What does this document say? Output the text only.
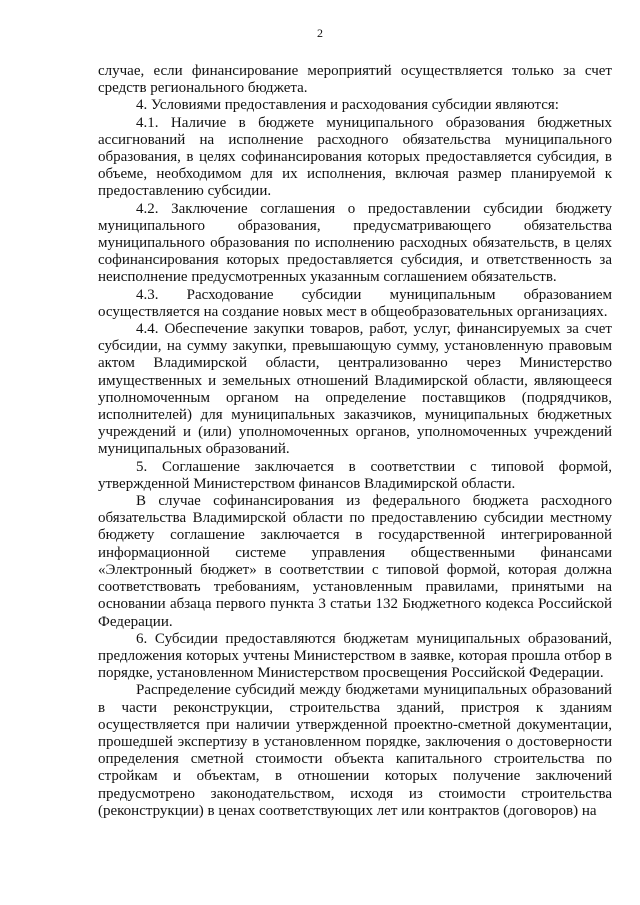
2

случае, если финансирование мероприятий осуществляется только за счет средств регионального бюджета.

4. Условиями предоставления и расходования субсидии являются:

4.1. Наличие в бюджете муниципального образования бюджетных ассигнований на исполнение расходного обязательства муниципального образования, в целях софинансирования которых предоставляется субсидия, в объеме, необходимом для их исполнения, включая размер планируемой к предоставлению субсидии.

4.2. Заключение соглашения о предоставлении субсидии бюджету муниципального образования, предусматривающего обязательства муниципального образования по исполнению расходных обязательств, в целях софинансирования которых предоставляется субсидия, и ответственность за неисполнение предусмотренных указанным соглашением обязательств.

4.3. Расходование субсидии муниципальным образованием осуществляется на создание новых мест в общеобразовательных организациях.

4.4. Обеспечение закупки товаров, работ, услуг, финансируемых за счет субсидии, на сумму закупки, превышающую сумму, установленную правовым актом Владимирской области, централизованно через Министерство имущественных и земельных отношений Владимирской области, являющееся уполномоченным органом на определение поставщиков (подрядчиков, исполнителей) для муниципальных заказчиков, муниципальных бюджетных учреждений и (или) уполномоченных органов, уполномоченных учреждений муниципальных образований.

5. Соглашение заключается в соответствии с типовой формой, утвержденной Министерством финансов Владимирской области.

В случае софинансирования из федерального бюджета расходного обязательства Владимирской области по предоставлению субсидии местному бюджету соглашение заключается в государственной интегрированной информационной системе управления общественными финансами «Электронный бюджет» в соответствии с типовой формой, которая должна соответствовать требованиям, установленным правилами, принятыми на основании абзаца первого пункта 3 статьи 132 Бюджетного кодекса Российской Федерации.

6. Субсидии предоставляются бюджетам муниципальных образований, предложения которых учтены Министерством в заявке, которая прошла отбор в порядке, установленном Министерством просвещения Российской Федерации.

Распределение субсидий между бюджетами муниципальных образований в части реконструкции, строительства зданий, пристроя к зданиям осуществляется при наличии утвержденной проектно-сметной документации, прошедшей экспертизу в установленном порядке, заключения о достоверности определения сметной стоимости объекта капитального строительства по стройкам и объектам, в отношении которых получение заключений предусмотрено законодательством, исходя из стоимости строительства (реконструкции) в ценах соответствующих лет или контрактов (договоров) на
